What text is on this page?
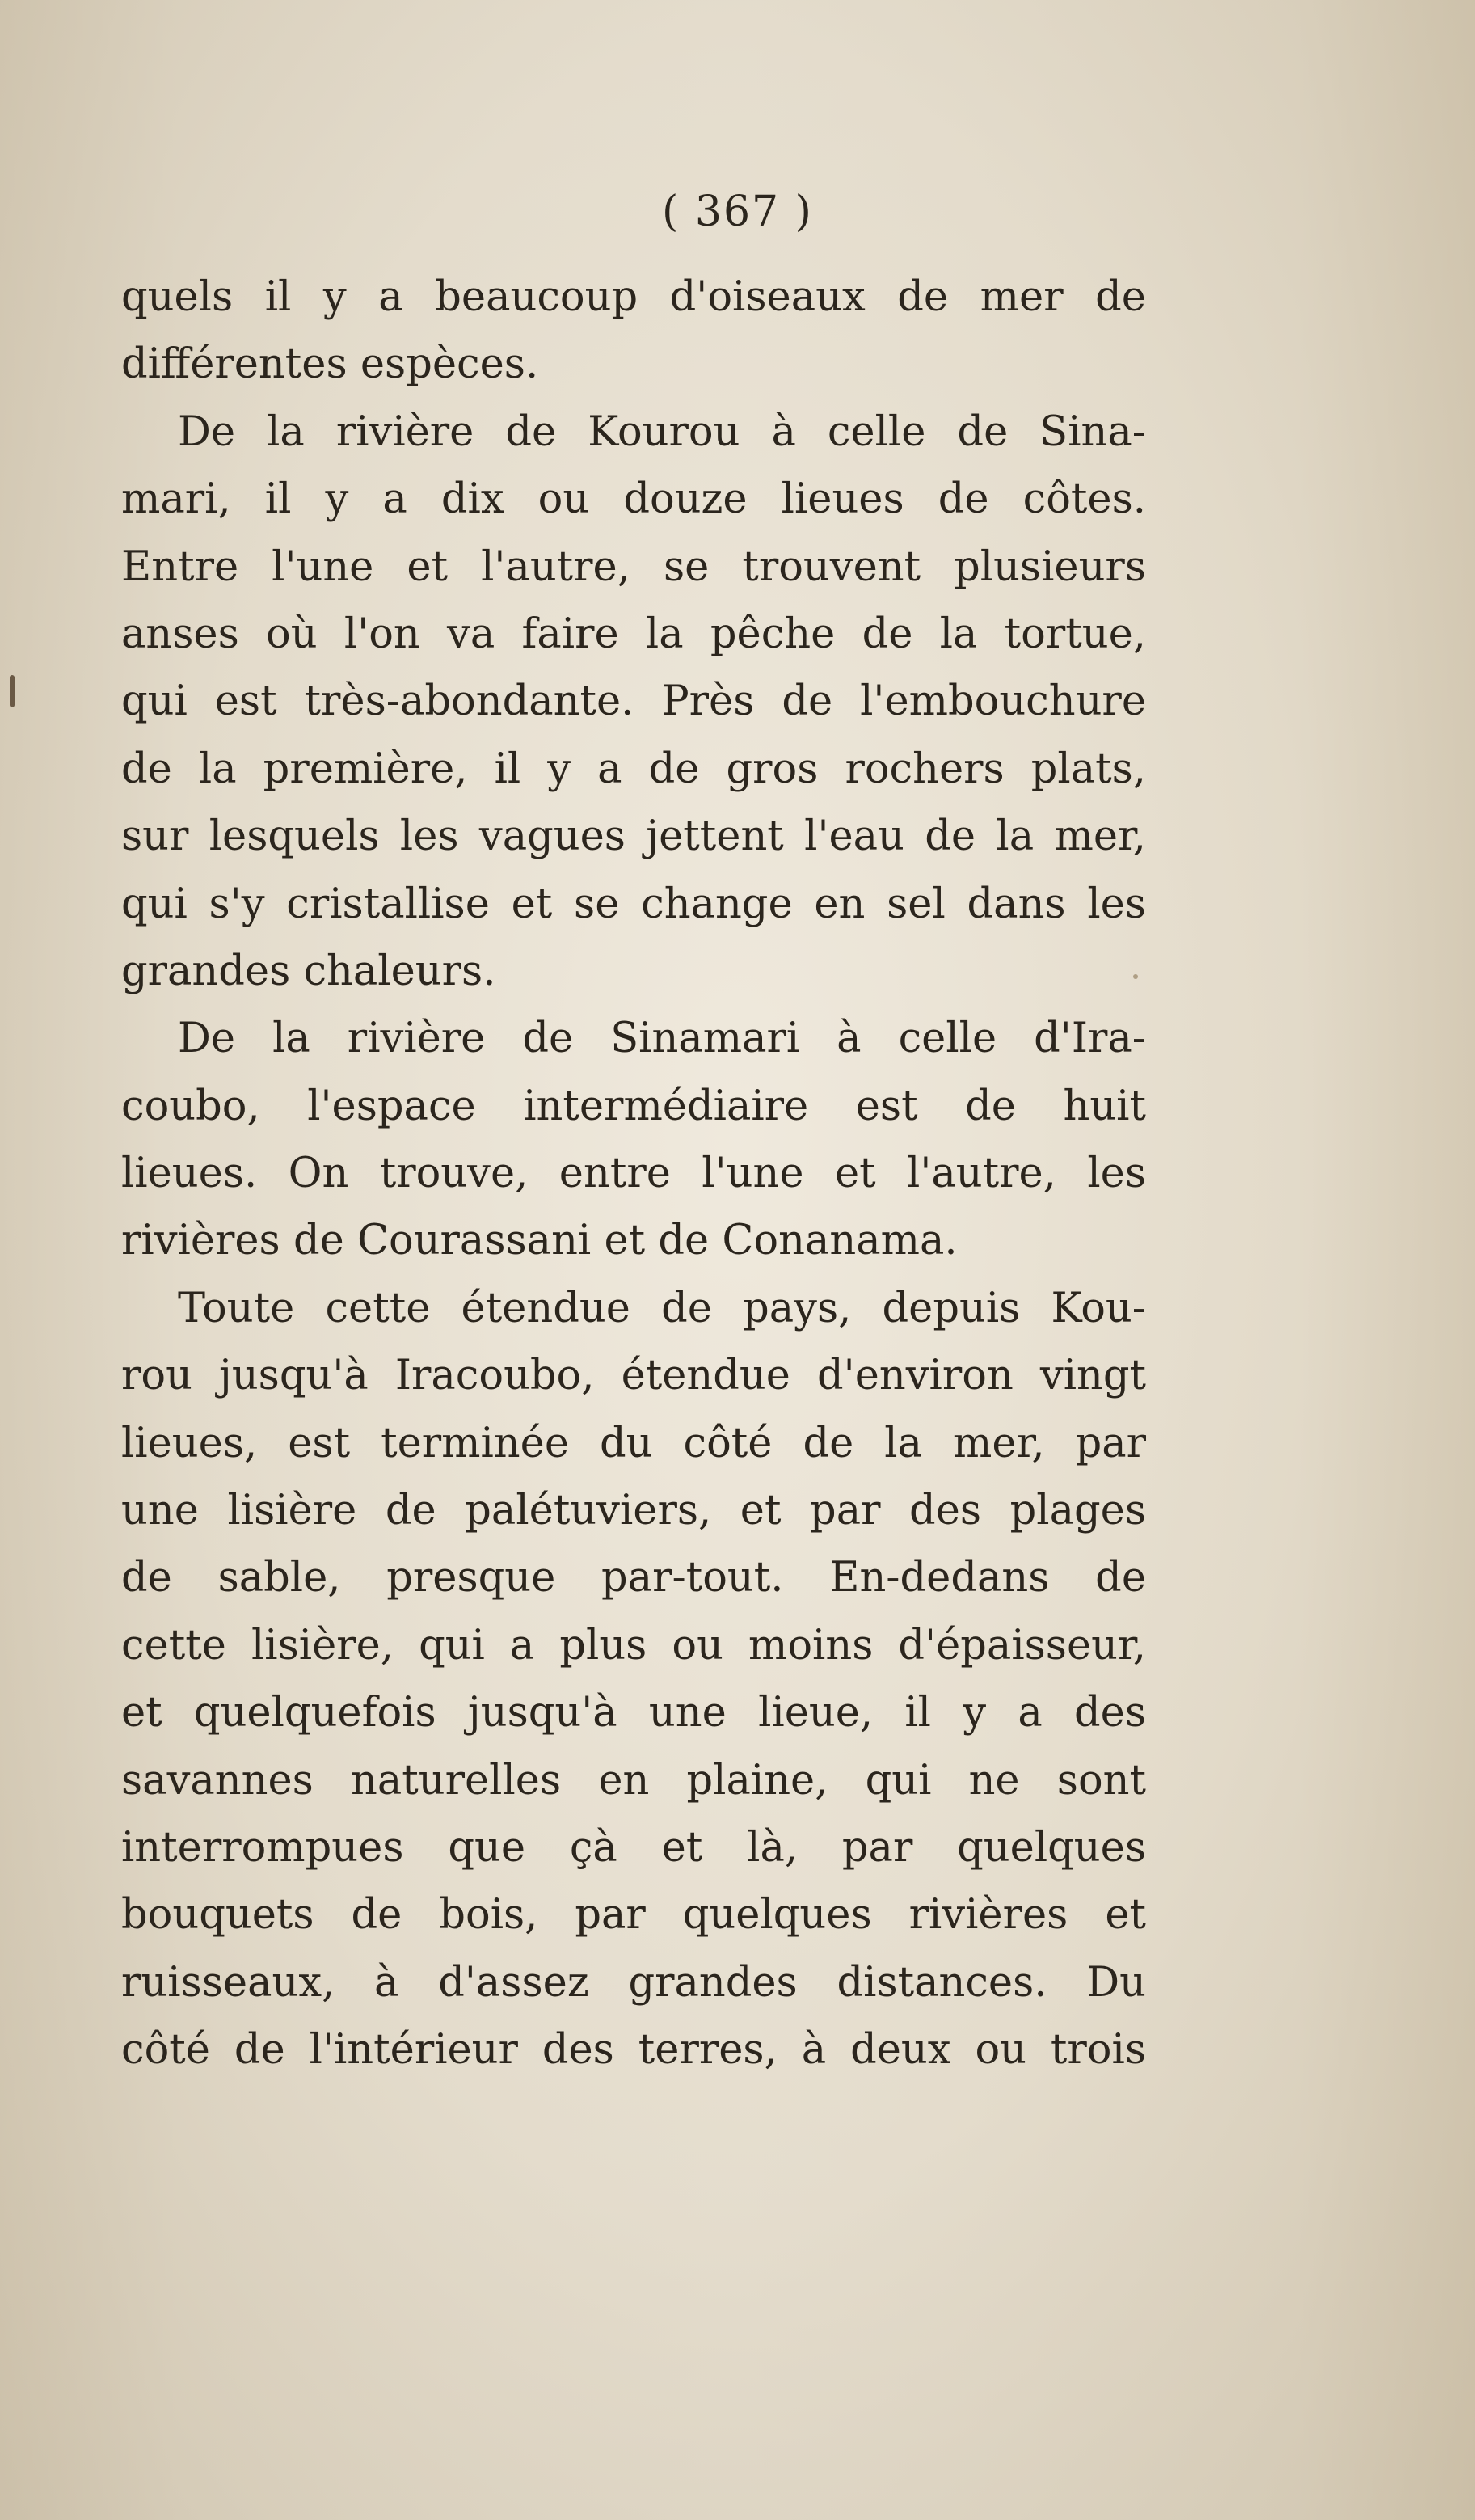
( 367 )
quels il y a beaucoup d'oiseaux de mer de
différentes espèces.
De la rivière de Kourou à celle de Sina-
mari, il y a dix ou douze lieues de côtes.
Entre l'une et l'autre, se trouvent plusieurs
anses où l'on va faire la pêche de la tortue,
qui est très-abondante. Près de l'embouchure
de la première, il y a de gros rochers plats,
sur lesquels les vagues jettent l'eau de la mer,
qui s'y cristallise et se change en sel dans les
grandes chaleurs.
De la rivière de Sinamari à celle d'Ira-
coubo, l'espace intermédiaire est de huit
lieues. On trouve, entre l'une et l'autre, les
rivières de Courassani et de Conanama.
Toute cette étendue de pays, depuis Kou-
rou jusqu'à Iracoubo, étendue d'environ vingt
lieues, est terminée du côté de la mer, par
une lisière de palétuviers, et par des plages
de sable, presque par-tout. En-dedans de
cette lisière, qui a plus ou moins d'épaisseur,
et quelquefois jusqu'à une lieue, il y a des
savannes naturelles en plaine, qui ne sont
interrompues que çà et là, par quelques
bouquets de bois, par quelques rivières et
ruisseaux, à d'assez grandes distances. Du
côté de l'intérieur des terres, à deux ou trois
